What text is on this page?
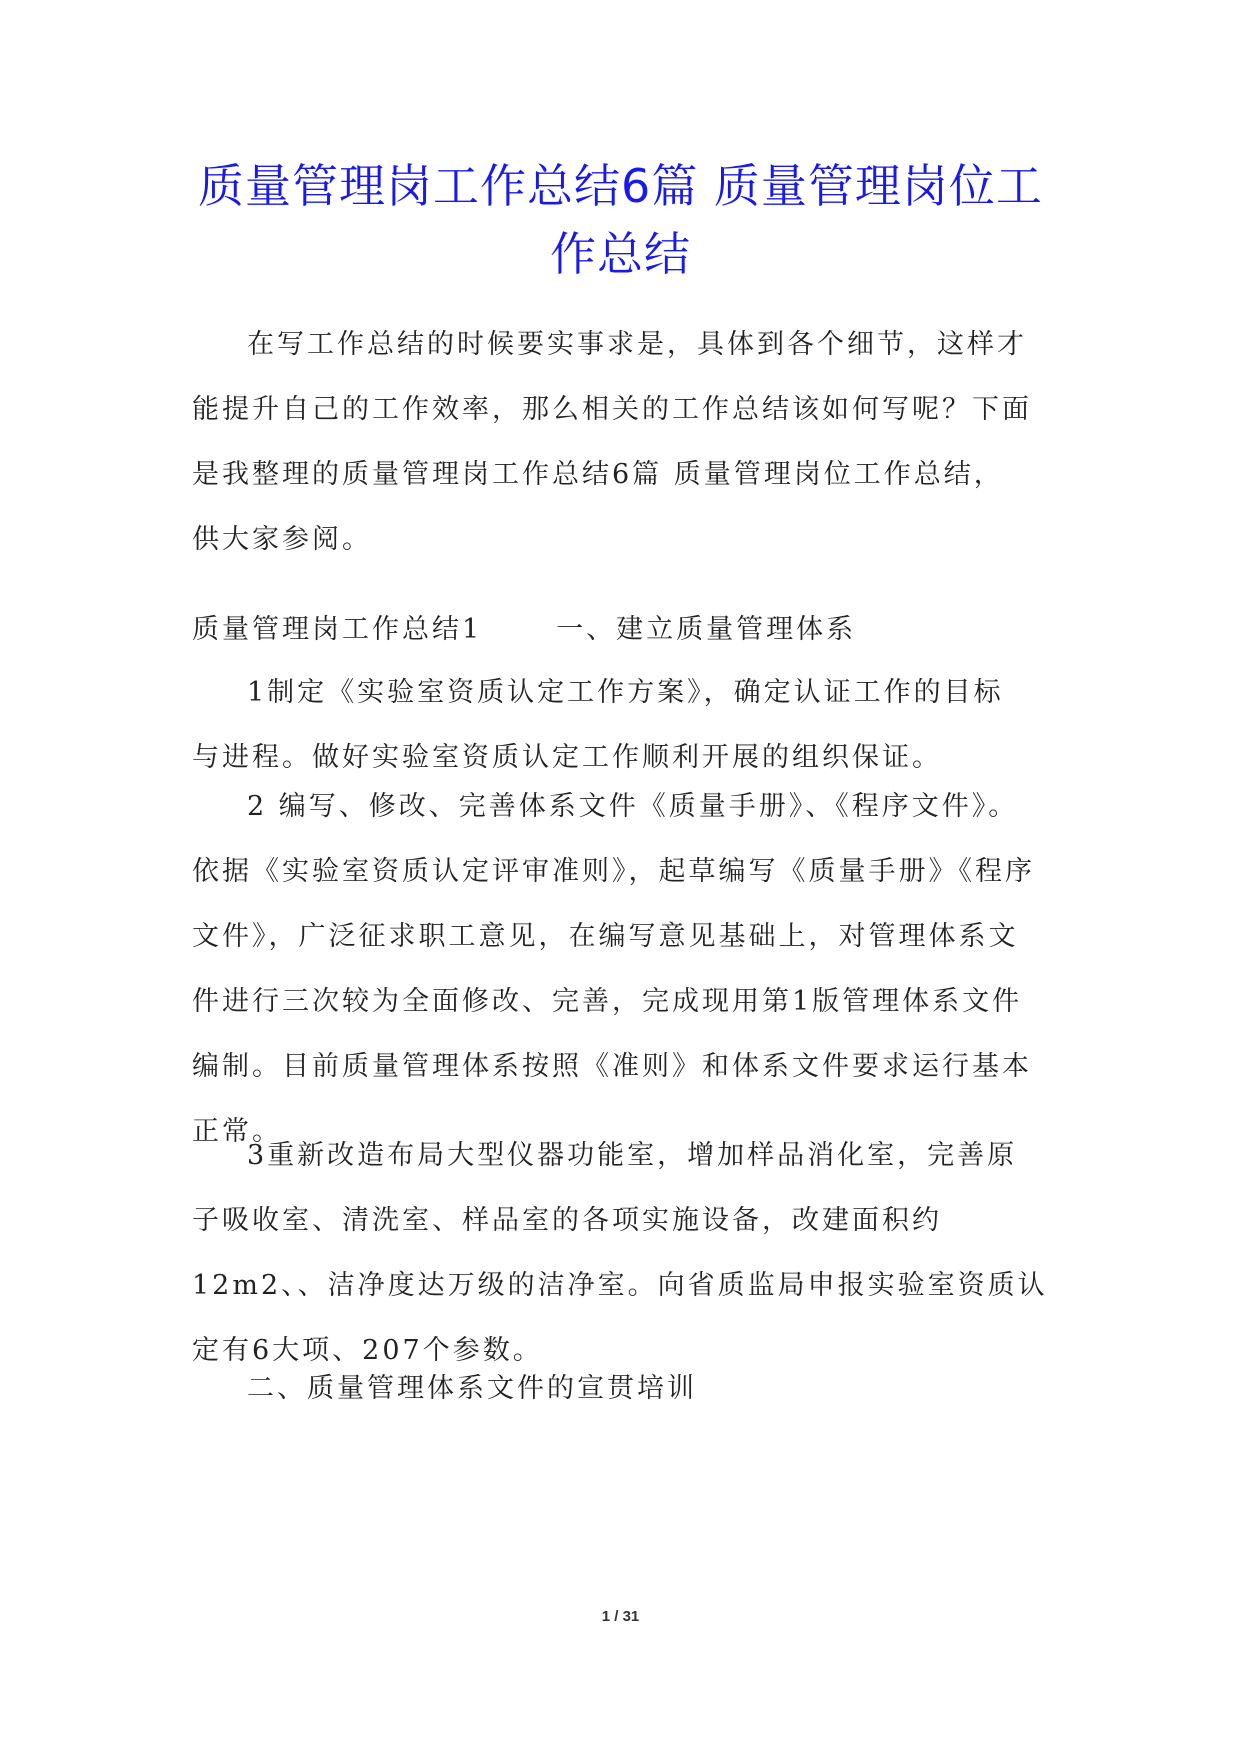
质量管理岗工作总结6篇 质量管理岗位工
作总结
在写工作总结的时候要实事求是，具体到各个细节，这样才
能提升自己的工作效率，那么相关的工作总结该如何写呢？下面
是我整理的质量管理岗工作总结6篇 质量管理岗位工作总结，
供大家参阅。
质量管理岗工作总结1	一、建立质量管理体系
1制定《实验室资质认定工作方案》，确定认证工作的目标
与进程。做好实验室资质认定工作顺利开展的组织保证。
2 编写、修改、完善体系文件《质量手册》、《程序文件》。
依据《实验室资质认定评审准则》，起草编写《质量手册》《程序
文件》，广泛征求职工意见，在编写意见基础上，对管理体系文
件进行三次较为全面修改、完善，完成现用第1版管理体系文件
编制。目前质量管理体系按照《准则》和体系文件要求运行基本
正常。
3重新改造布局大型仪器功能室，增加样品消化室，完善原
子吸收室、清洗室、样品室的各项实施设备，改建面积约
12m2、、洁净度达万级的洁净室。向省质监局申报实验室资质认
定有6大项、207个参数。
二、质量管理体系文件的宣贯培训
1 / 31
